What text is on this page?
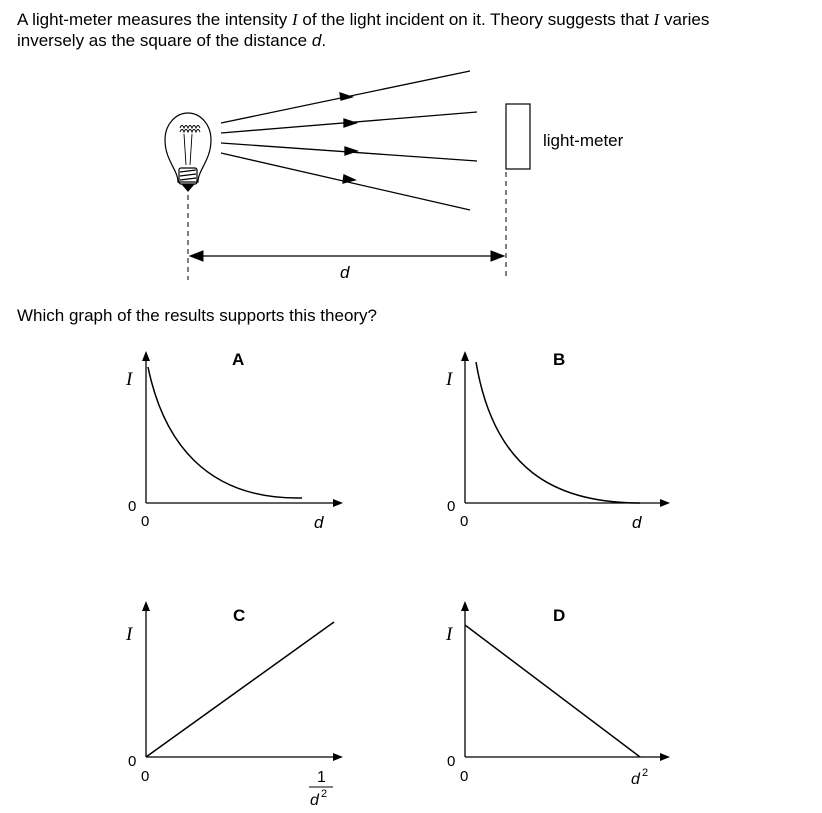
A light-meter measures the intensity I of the light incident on it. Theory suggests that I varies

inversely as the square of the distance d.

Which graph of the results supports this theory?

light-meter
d
A
I
0
0	d
B
I
0
0	d
C
I
0
0	1
d 2
D
I
0
0	d 2
